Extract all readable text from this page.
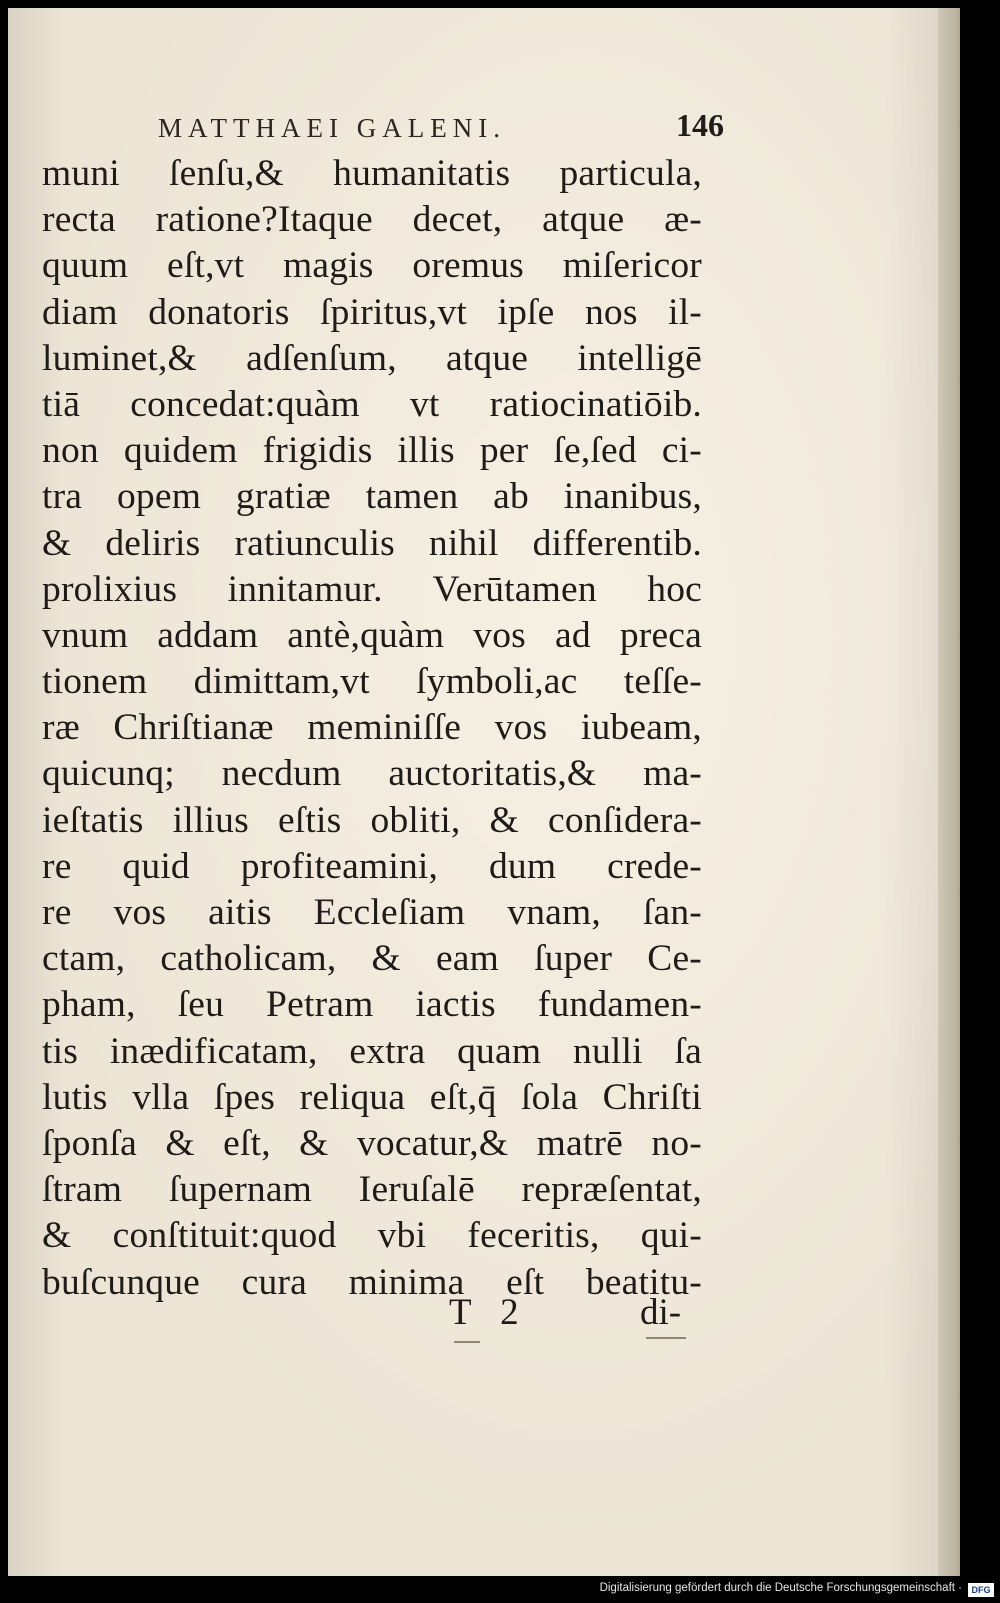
MATTHAEI GALENI.	146
muni ſenſu,& humanitatis particula,
recta ratione?Itaque decet, atque æ-
quum eſt,vt magis oremus miſericor
diam donatoris ſpiritus,vt ipſe nos il-
luminet,& adſenſum, atque intelligē
tiā concedat:quàm vt ratiocinatiōib.
non quidem frigidis illis per ſe,ſed ci-
tra opem gratiæ tamen ab inanibus,
& deliris ratiunculis nihil differentib.
prolixius innitamur. Verūtamen hoc
vnum addam antè,quàm vos ad preca
tionem dimittam,vt ſymboli,ac teſſe-
ræ Chriſtianæ meminiſſe vos iubeam,
quicunq; necdum auctoritatis,& ma-
ieſtatis illius eſtis obliti, & conſidera-
re quid profiteamini, dum crede-
re vos aitis Eccleſiam vnam, ſan-
ctam, catholicam, & eam ſuper Ce-
pham, ſeu Petram iactis fundamen-
tis inædificatam, extra quam nulli ſa
lutis vlla ſpes reliqua eſt,q̄ ſola Chriſti
ſponſa & eſt, & vocatur,& matrē no-
ſtram ſupernam Ieruſalē repræſentat,
& conſtituit:quod vbi feceritis, qui-
buſcunque cura minima eſt beatitu-
T 2	di-
Digitalisierung gefördert durch die Deutsche Forschungsgemeinschaft ·	DFG
